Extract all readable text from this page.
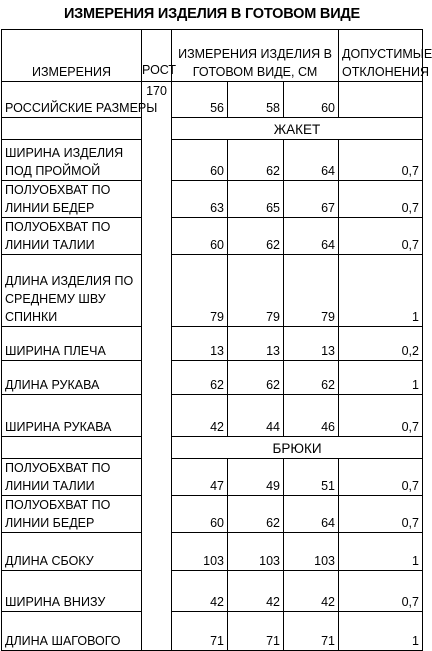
ИЗМЕРЕНИЯ ИЗДЕЛИЯ В ГОТОВОМ ВИДЕ
ИЗМЕРЕНИЯ	РОСТ	ИЗМЕРЕНИЯ ИЗДЕЛИЯ В ГОТОВОМ ВИДЕ, СМ			ДОПУСТИМЫЕ ОТКЛОНЕНИЯ
РОССИЙСКИЕ РАЗМЕРЫ	170	56	58	60	
		ЖАКЕТ			
ШИРИНА ИЗДЕЛИЯ ПОД ПРОЙМОЙ		60	62	64	0,7
ПОЛУОБХВАТ ПО ЛИНИИ БЕДЕР		63	65	67	0,7
ПОЛУОБХВАТ ПО ЛИНИИ ТАЛИИ		60	62	64	0,7
ДЛИНА ИЗДЕЛИЯ ПО СРЕДНЕМУ ШВУ СПИНКИ		79	79	79	1
ШИРИНА ПЛЕЧА		13	13	13	0,2
ДЛИНА РУКАВА		62	62	62	1
ШИРИНА РУКАВА		42	44	46	0,7
		БРЮКИ			
ПОЛУОБХВАТ ПО ЛИНИИ ТАЛИИ		47	49	51	0,7
ПОЛУОБХВАТ ПО ЛИНИИ БЕДЕР		60	62	64	0,7
ДЛИНА СБОКУ		103	103	103	1
ШИРИНА ВНИЗУ		42	42	42	0,7
ДЛИНА ШАГОВОГО		71	71	71	1
